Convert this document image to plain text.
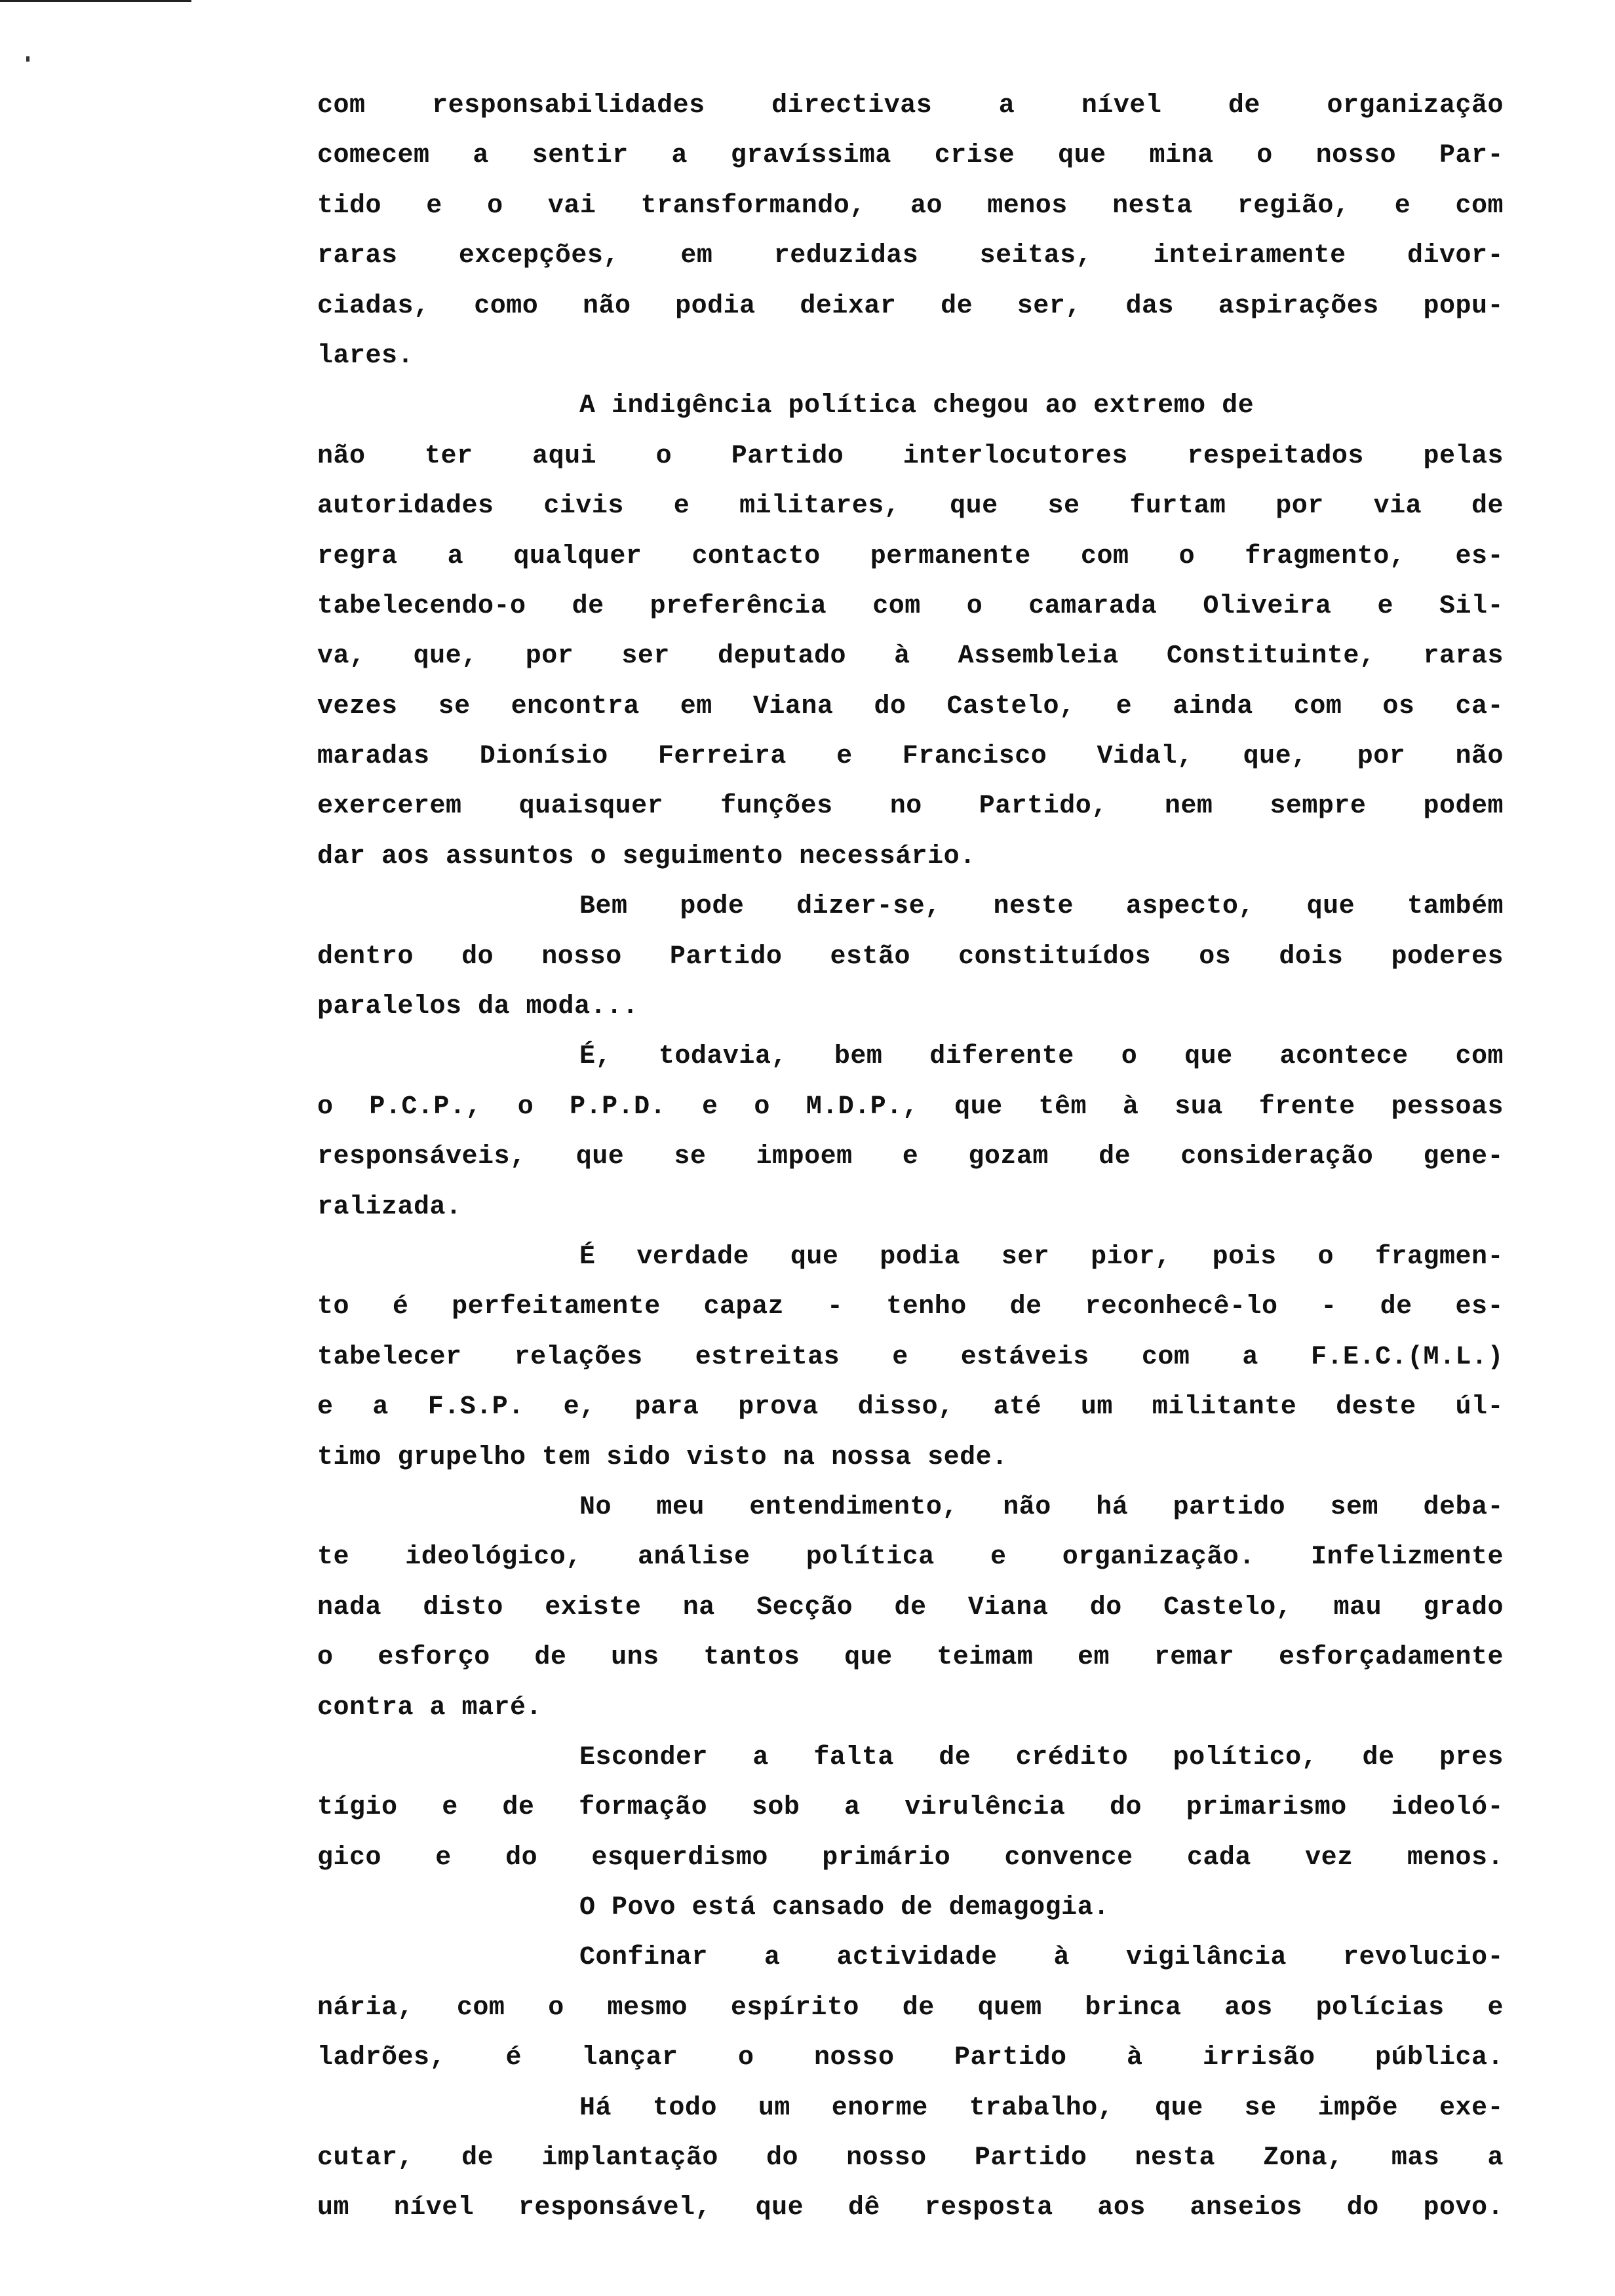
com responsabilidades directivas a nível de organização
comecem a sentir a gravíssima crise que mina o nosso Par-
tido e o vai transformando, ao menos nesta região, e com
raras excepções, em reduzidas seitas, inteiramente divor-
ciadas, como não podia deixar de ser, das aspirações popu-
lares.
A indigência política chegou ao extremo de
não ter aqui o Partido interlocutores respeitados pelas
autoridades civis e militares, que se furtam por via de
regra a qualquer contacto permanente com o fragmento, es-
tabelecendo-o de preferência com o camarada Oliveira e Sil-
va, que, por ser deputado à Assembleia Constituinte, raras
vezes se encontra em Viana do Castelo, e ainda com os ca-
maradas Dionísio Ferreira e Francisco Vidal, que, por não
exercerem quaisquer funções no Partido, nem sempre podem
dar aos assuntos o seguimento necessário.
Bem pode dizer-se, neste aspecto, que também
dentro do nosso Partido estão constituídos os dois poderes
paralelos da moda...
É, todavia, bem diferente o que acontece com
o P.C.P., o P.P.D. e o M.D.P., que têm à sua frente pessoas
responsáveis, que se impoem e gozam de consideração gene-
ralizada.
É verdade que podia ser pior, pois o fragmen-
to é perfeitamente capaz - tenho de reconhecê-lo - de es-
tabelecer relações estreitas e estáveis com a F.E.C.(M.L.)
e a F.S.P. e, para prova disso, até um militante deste úl-
timo grupelho tem sido visto na nossa sede.
No meu entendimento, não há partido sem deba-
te ideológico, análise política e organização. Infelizmente
nada disto existe na Secção de Viana do Castelo, mau grado
o esforço de uns tantos que teimam em remar esforçadamente
contra a maré.
Esconder a falta de crédito político, de pres
tígio e de formação sob a virulência do primarismo ideoló-
gico e do esquerdismo primário convence cada vez menos.
O Povo está cansado de demagogia.
Confinar a actividade à vigilância revolucio-
nária, com o mesmo espírito de quem brinca aos polícias e
ladrões, é lançar o nosso Partido à irrisão pública.
Há todo um enorme trabalho, que se impõe exe-
cutar, de implantação do nosso Partido nesta Zona, mas a
um nível responsável, que dê resposta aos anseios do povo.
